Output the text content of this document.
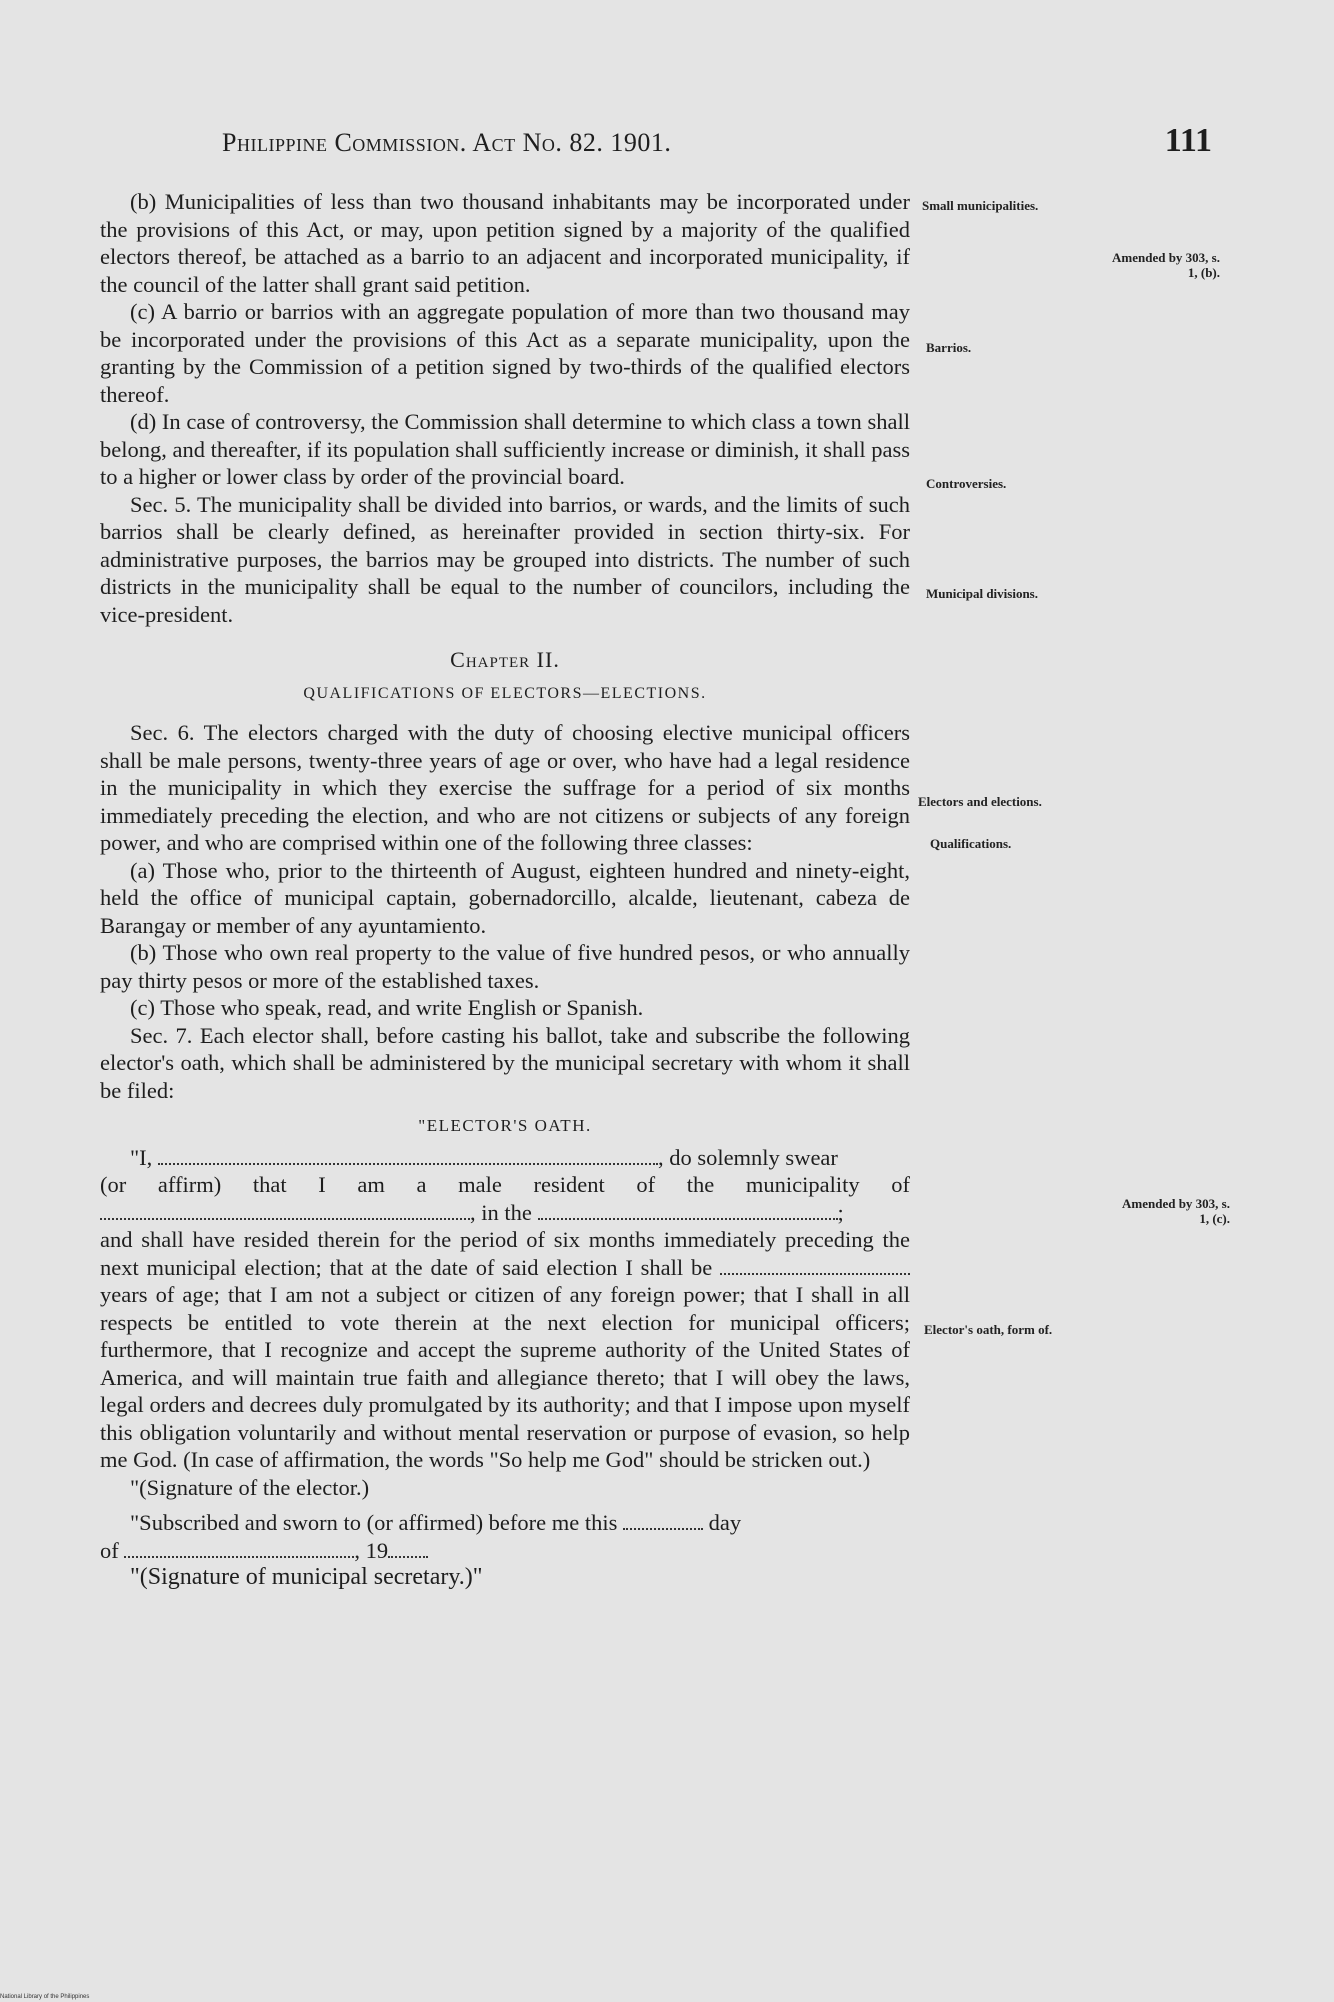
Philippine Commission. Act No. 82. 1901.	111

(b) Municipalities of less than two thousand inhabitants may be incorporated under the provisions of this Act, or may, upon petition signed by a majority of the qualified electors thereof, be attached as a barrio to an adjacent and incorporated municipality, if the council of the latter shall grant said petition.

(c) A barrio or barrios with an aggregate population of more than two thousand may be incorporated under the provisions of this Act as a separate municipality, upon the granting by the Commission of a petition signed by two-thirds of the qualified electors thereof.

(d) In case of controversy, the Commission shall determine to which class a town shall belong, and thereafter, if its population shall sufficiently increase or diminish, it shall pass to a higher or lower class by order of the provincial board.

Sec. 5. The municipality shall be divided into barrios, or wards, and the limits of such barrios shall be clearly defined, as hereinafter provided in section thirty-six. For administrative purposes, the barrios may be grouped into districts. The number of such districts in the municipality shall be equal to the number of councilors, including the vice-president.

Chapter II.
QUALIFICATIONS OF ELECTORS—ELECTIONS.

Sec. 6. The electors charged with the duty of choosing elective municipal officers shall be male persons, twenty-three years of age or over, who have had a legal residence in the municipality in which they exercise the suffrage for a period of six months immediately preceding the election, and who are not citizens or subjects of any foreign power, and who are comprised within one of the following three classes:

(a) Those who, prior to the thirteenth of August, eighteen hundred and ninety-eight, held the office of municipal captain, gobernadorcillo, alcalde, lieutenant, cabeza de Barangay or member of any ayuntamiento.

(b) Those who own real property to the value of five hundred pesos, or who annually pay thirty pesos or more of the established taxes.

(c) Those who speak, read, and write English or Spanish.

Sec. 7. Each elector shall, before casting his ballot, take and subscribe the following elector's oath, which shall be administered by the municipal secretary with whom it shall be filed:

"ELECTOR'S OATH.

"I,	, do solemnly swear

(or affirm) that I am a male resident of the municipality of , in the	;

and shall have resided therein for the period of six months immediately preceding the next municipal election; that at the date of said election I shall be  years of age; that I am not a subject or citizen of any foreign power; that I shall in all respects be entitled to vote therein at the next election for municipal officers; furthermore, that I recognize and accept the supreme authority of the United States of America, and will maintain true faith and allegiance thereto; that I will obey the laws, legal orders and decrees duly promulgated by its authority; and that I impose upon myself this obligation voluntarily and without mental reservation or purpose of evasion, so help me God. (In case of affirmation, the words "So help me God" should be stricken out.)

"(Signature of the elector.)

"Subscribed and sworn to (or affirmed) before me this	day

of	, 19

"(Signature of municipal secretary.)"

Small municipalities.
Amended by 303, s. 1, (b).
Barrios.
Controversies.
Municipal divisions.
Electors and elections.
Qualifications.
Amended by 303, s. 1, (c).
Elector's oath, form of.
National Library of the Philippines
